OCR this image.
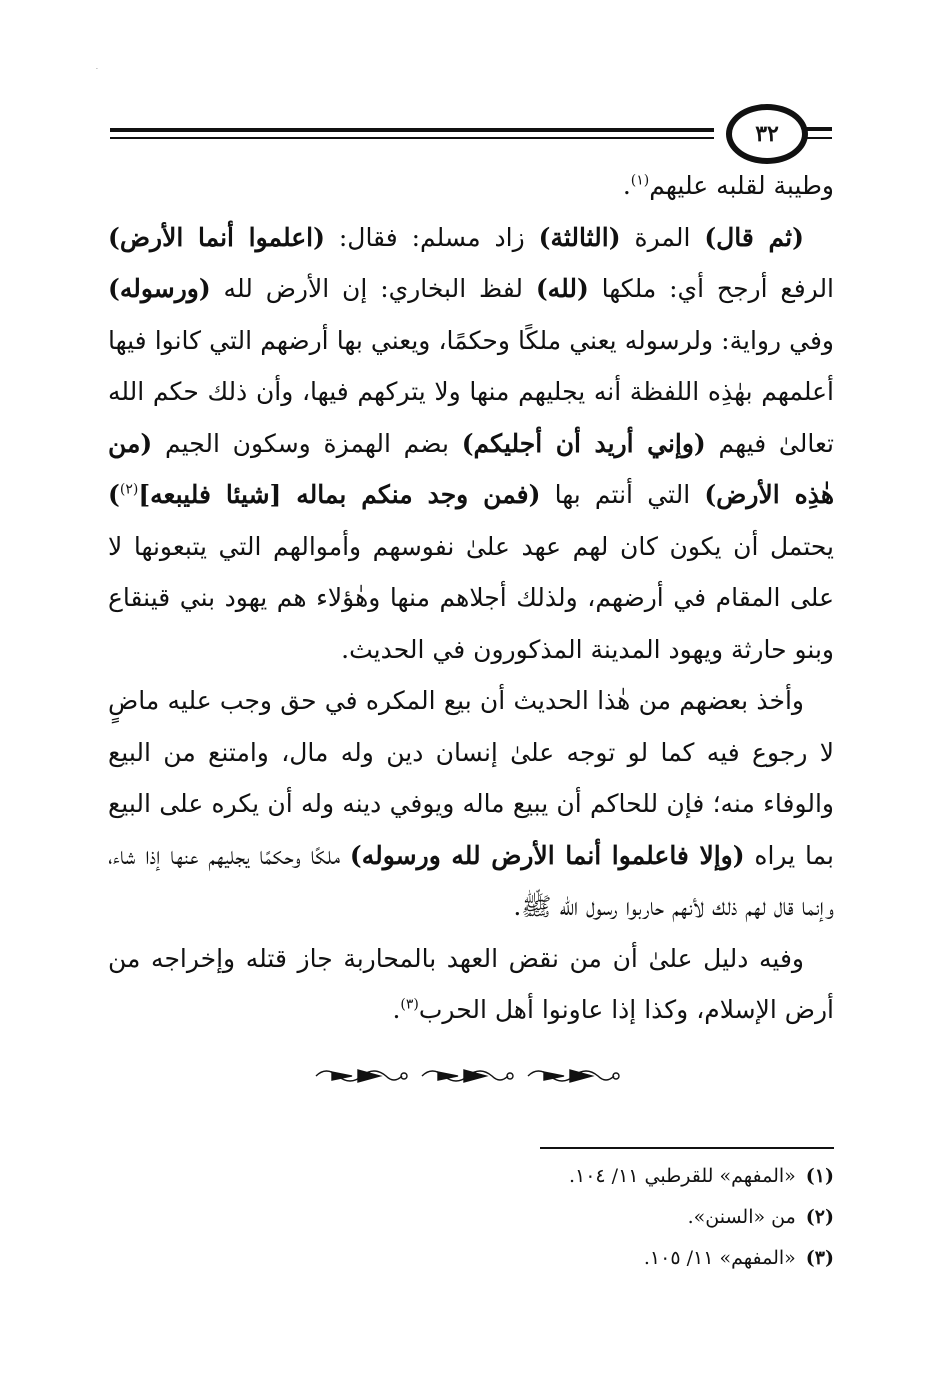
·
٣٢

وطيبة لقلبه عليهم$^{(١)}$.

(ثم قال) المرة (الثالثة) زاد مسلم: فقال: (اعلموا أنما الأرض) الرفع أرجح أي: ملكها (لله) لفظ البخاري: إن الأرض لله (ورسوله) وفي رواية: ولرسوله يعني ملكًا وحكمًا، ويعني بها أرضهم التي كانوا فيها أعلمهم بهٰذِه اللفظة أنه يجليهم منها ولا يتركهم فيها، وأن ذلك حكم الله تعالىٰ فيهم (وإني أريد أن أجليكم) بضم الهمزة وسكون الجيم (من هٰذِه الأرض) التي أنتم بها (فمن وجد منكم بماله [شيئا فليبعه]$^{(٢)}$) يحتمل أن يكون كان لهم عهد علىٰ نفوسهم وأموالهم التي يتبعونها لا على المقام في أرضهم، ولذلك أجلاهم منها وهٰؤلاء هم يهود بني قينقاع وبنو حارثة ويهود المدينة المذكورون في الحديث.

وأخذ بعضهم من هٰذا الحديث أن بيع المكره في حق وجب عليه ماضٍ لا رجوع فيه كما لو توجه علىٰ إنسان دين وله مال، وامتنع من البيع والوفاء منه؛ فإن للحاكم أن يبيع ماله ويوفي دينه وله أن يكره على البيع بما يراه (وإلا فاعلموا أنما الأرض لله ورسوله) ملكًا وحكمًا يجليهم عنها إذا شاء، وإنما قال لهم ذلك لأنهم حاربوا رسول الله ﷺ.

وفيه دليل علىٰ أن من نقض العهد بالمحاربة جاز قتله وإخراجه من أرض الإسلام، وكذا إذا عاونوا أهل الحرب$^{(٣)}$.

(١)
«المفهم» للقرطبي ١١/ ١٠٤.
(٢)
من «السنن».
(٣)
«المفهم» ١١/ ١٠٥.
